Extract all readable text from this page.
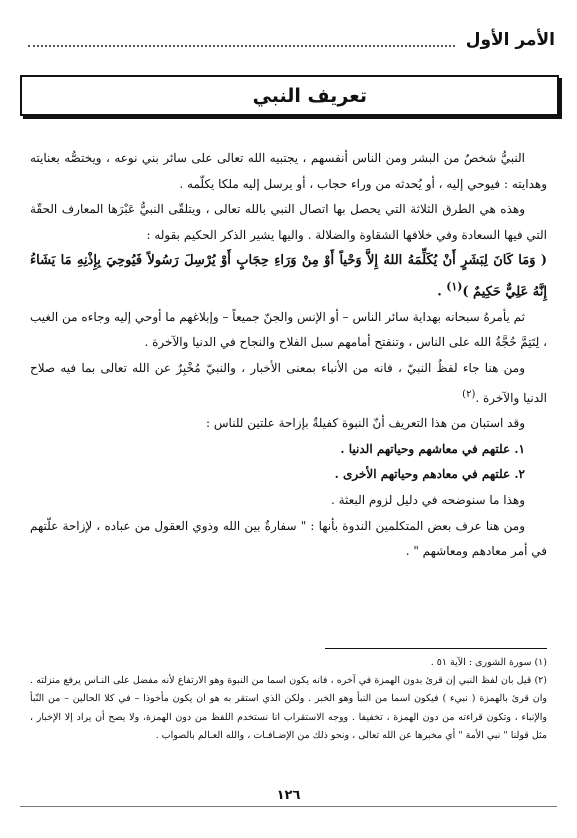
الأمر الأول
تعريف النبي

النبيُّ شخصٌ من البشر ومن الناس أنفسهم ، يجتبيه الله تعالى على سائر بني نوعه ، ويختصُّه بعنايته وهدايته : فيوحي إليه ، أو يُحدثه من وراء حجاب ، أو يرسل إليه ملكا يكلّمه .

وهذه هي الطرق الثلاثة التي يحصل بها اتصال النبي بالله تعالى ، ويتلقّى النبيُّ عَبْرَها المعارف الحقّة التي فيها السعادة وفي خلافها الشقاوة والضلالة . واليها يشير الذكر الحكيم بقوله :

( وَمَا كَانَ لِبَشَرٍ أَنْ يُكَلِّمَهُ اللهُ إِلاَّ وَحْياً أَوْ مِنْ وَرَاءِ حِجَابٍ أَوْ يُرْسِلَ رَسُولاً فَيُوحِيَ بِإِذْنِهِ مَا يَشَاءُ إِنَّهُ عَلِيٌّ حَكِيمٌ )$^{(١)}$ .

ثم يأمرهُ سبحانه بهداية سائر الناس – أو الإنس والجنّ جميعاً – وإبلاغهم ما أوحي إليه وجاءه من الغيب ، لِتَتِمَّ حُجَّةُ الله على الناس ، وتنفتح أمامهم سبل الفلاح والنجاح في الدنيا والآخرة .

ومن هنا جاء لفظُ النبيّ ، فانه من الأنباء بمعنى الأخبار ، والنبيّ مُخْبِرٌ عن الله تعالى بما فيه صلاح الدنيا والآخرة .$^{(٢)}$

وقد استبان من هذا التعريف أنّ النبوة كفيلةٌ بإزاحة علتين للناس :

١. علتهم في معاشهم وحياتهم الدنيا .

٢. علتهم في معادهم وحياتهم الأخرى .

وهذا ما سنوضحه في دليل لزوم البعثة .

ومن هنا عرف بعض المتكلمين الندوة بأنها : " سفارةٌ بين الله وذوي العقول من عباده ، لإزاحة علّتهم في أمر معادهم ومعاشهم " .

(١) سورة الشورى : الآية ٥١ .

(٢) قيل بان لفظ النبي إن قرئ بدون الهمزة في آخره ، فانه يكون اسما من النبوة وهو الارتفاع لأنه مفضل على النـاس يرفع منزلته . وان قرئ بالهمزة ( نبيء ) فيكون اسما من النبأ وهو الخبر . ولكن الذي استقر به هو ان يكون مأخوذا – في كلا الحالين – من النّبأ والإنباء ، وتكون قراءته من دون الهمزة ، تخفيفا . ووجه الاستقراب انا نستخدم اللفظ من دون الهمزة، ولا يصح أن يراد إلا الإخبار ، مثل قولنا " نبي الأمة " أي مخبرها عن الله تعالى ، ونحو ذلك من الإضـافـات ، والله العـالم بالصواب .

١٢٦
